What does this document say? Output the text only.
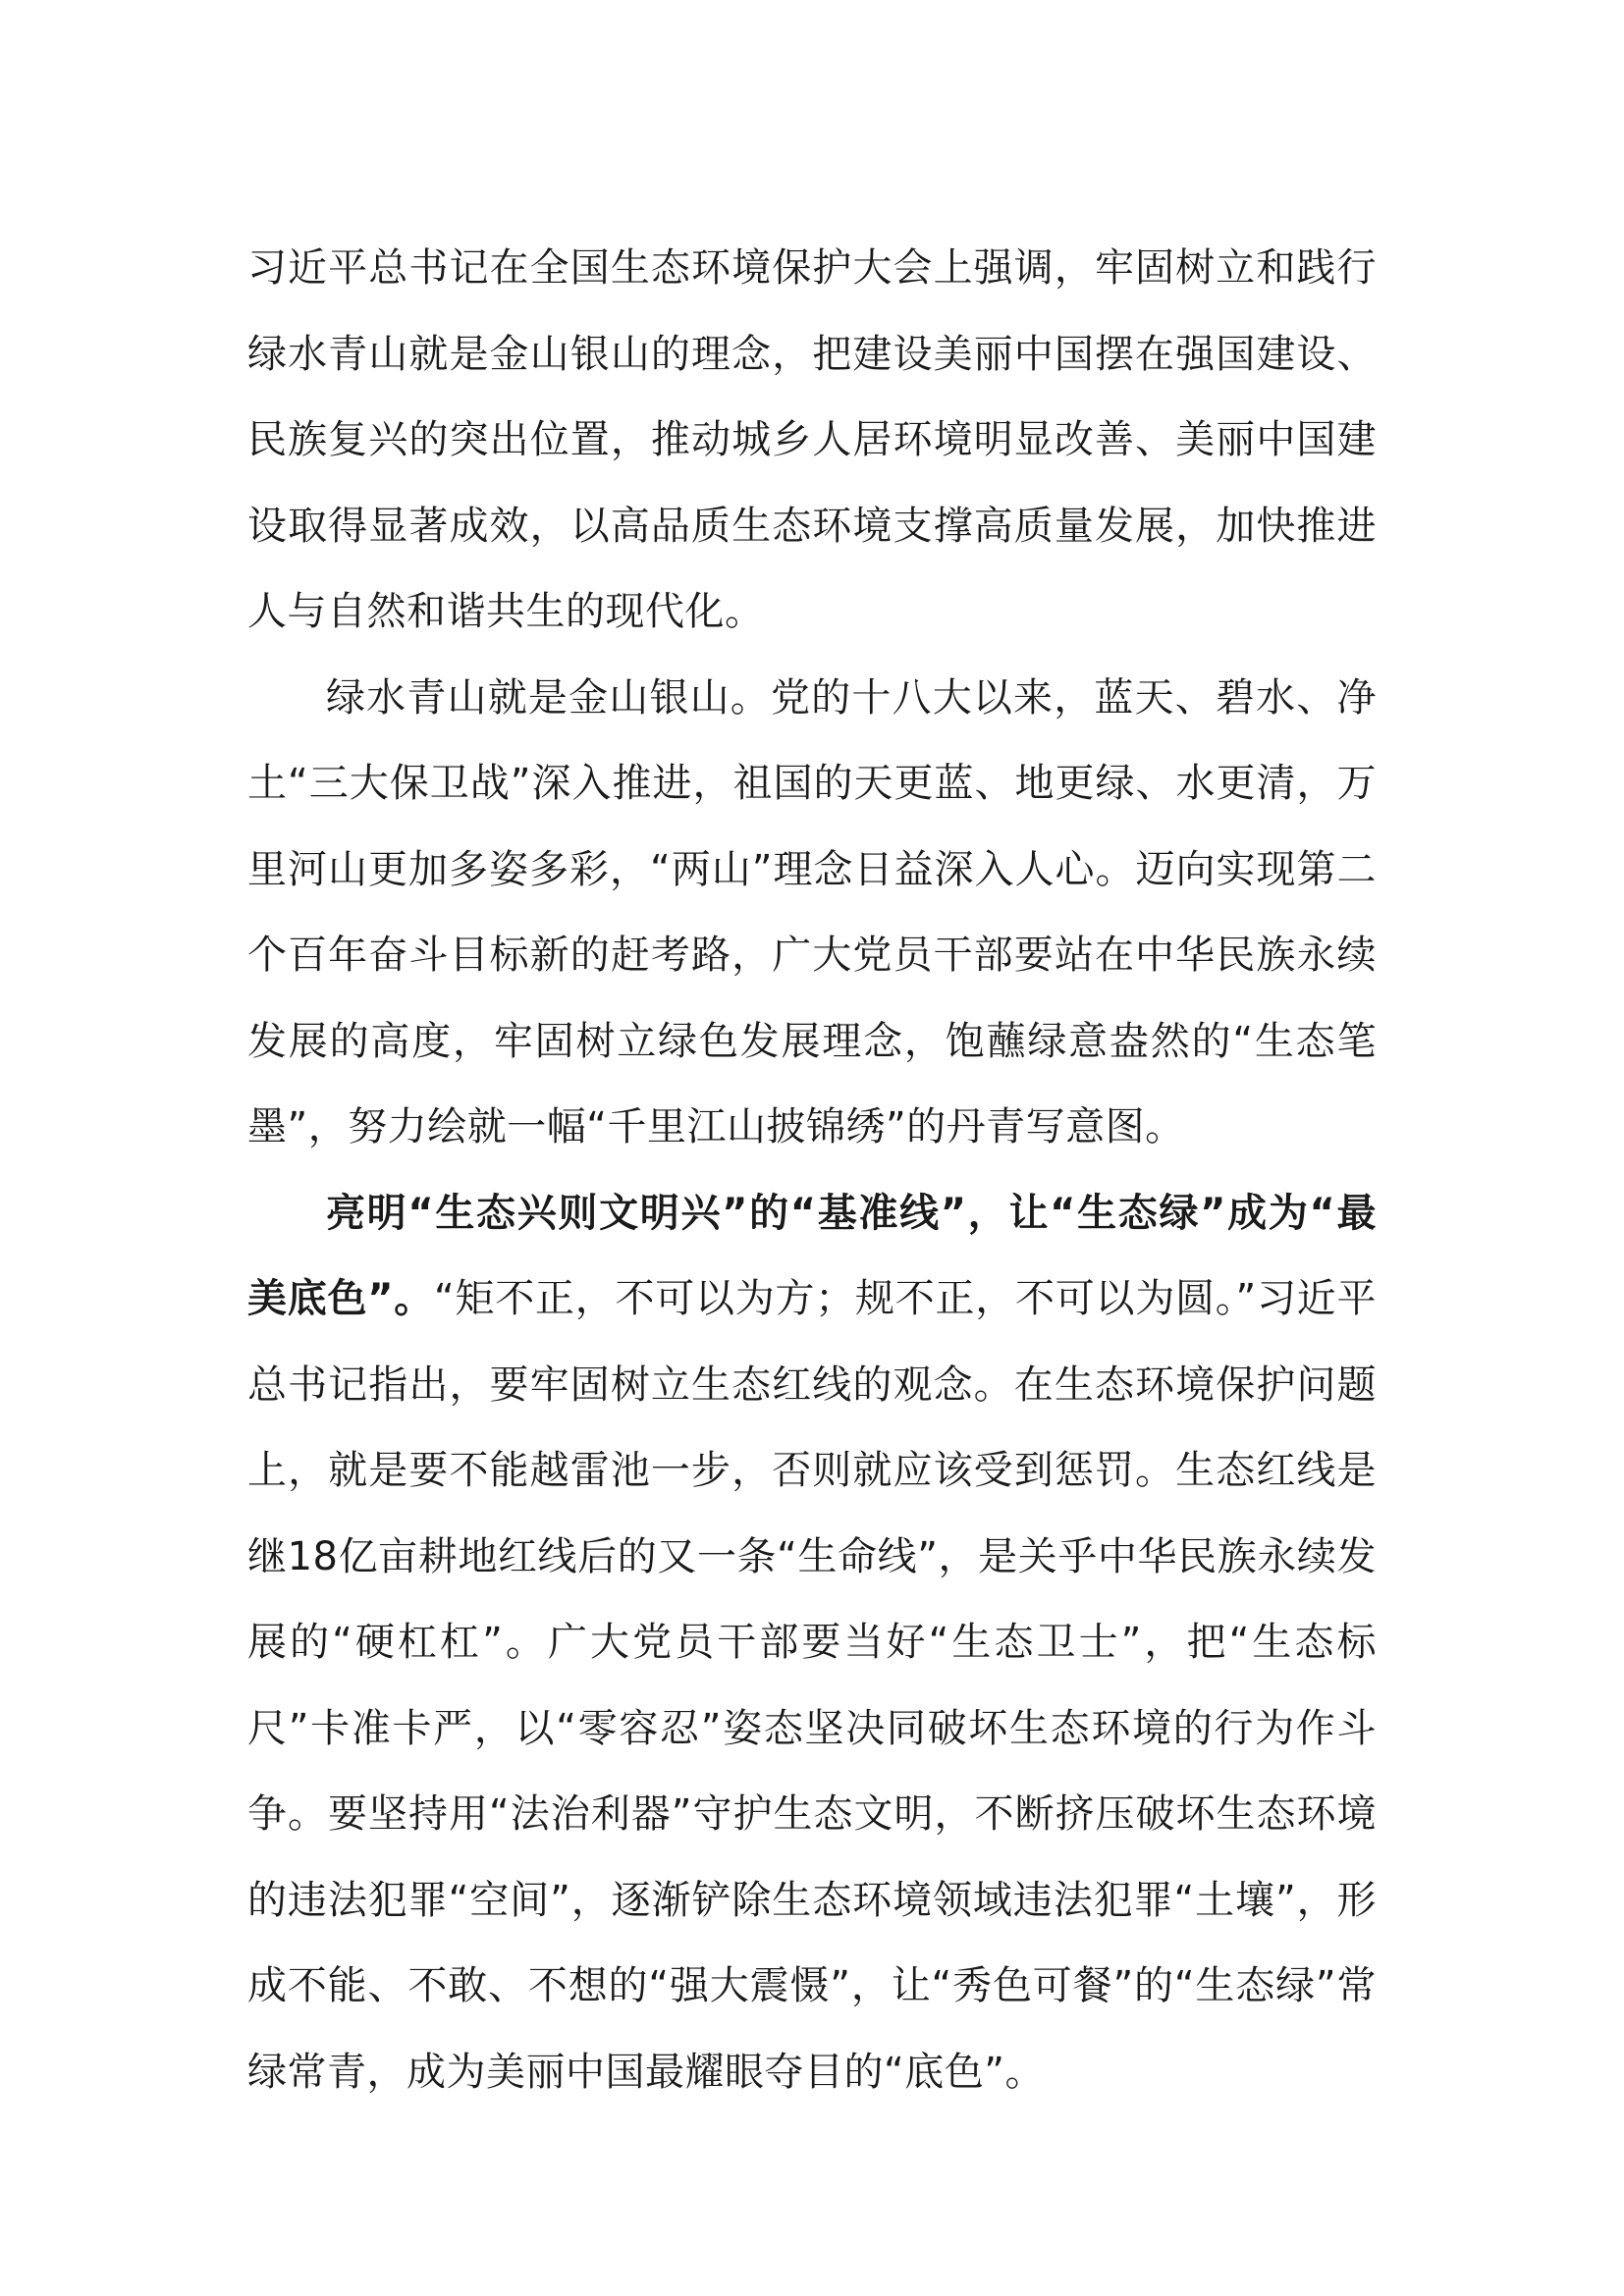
习近平总书记在全国生态环境保护大会上强调，牢固树立和践行绿水青山就是金山银山的理念，把建设美丽中国摆在强国建设、民族复兴的突出位置，推动城乡人居环境明显改善、美丽中国建设取得显著成效，以高品质生态环境支撑高质量发展，加快推进人与自然和谐共生的现代化。

绿水青山就是金山银山。党的十八大以来，蓝天、碧水、净土“三大保卫战”深入推进，祖国的天更蓝、地更绿、水更清，万里河山更加多姿多彩，“两山”理念日益深入人心。迈向实现第二个百年奋斗目标新的赶考路，广大党员干部要站在中华民族永续发展的高度，牢固树立绿色发展理念，饱蘸绿意盎然的“生态笔墨”，努力绘就一幅“千里江山披锦绣”的丹青写意图。

亮明“生态兴则文明兴”的“基准线”，让“生态绿”成为“最美底色”。“矩不正，不可以为方；规不正，不可以为圆。”习近平总书记指出，要牢固树立生态红线的观念。在生态环境保护问题上，就是要不能越雷池一步，否则就应该受到惩罚。生态红线是继18亿亩耕地红线后的又一条“生命线”，是关乎中华民族永续发展的“硬杠杠”。广大党员干部要当好“生态卫士”，把“生态标尺”卡准卡严，以“零容忍”姿态坚决同破坏生态环境的行为作斗争。要坚持用“法治利器”守护生态文明，不断挤压破坏生态环境的违法犯罪“空间”，逐渐铲除生态环境领域违法犯罪“土壤”，形成不能、不敢、不想的“强大震慑”，让“秀色可餐”的“生态绿”常绿常青，成为美丽中国最耀眼夺目的“底色”。
